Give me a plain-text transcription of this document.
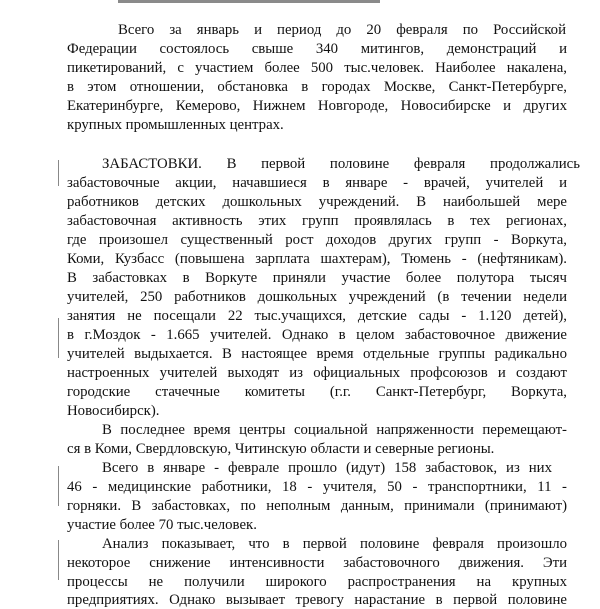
Всего за январь и период до 20 февраля по Российской
Федерации состоялось свыше 340 митингов, демонстраций и
пикетирований, с участием более 500 тыс.человек. Наиболее накалена,
в этом отношении, обстановка в городах Москве, Санкт-Петербурге,
Екатеринбурге, Кемерово, Нижнем Новгороде, Новосибирске и других
крупных промышленных центрах.
ЗАБАСТОВКИ. В первой половине февраля продолжались
забастовочные акции, начавшиеся в январе - врачей, учителей и
работников детских дошкольных учреждений. В наибольшей мере
забастовочная активность этих групп проявлялась в тех регионах,
где произошел существенный рост доходов других групп - Воркута,
Коми, Кузбасс (повышена зарплата шахтерам), Тюмень - (нефтяникам).
В забастовках в Воркуте приняли участие более полутора тысяч
учителей, 250 работников дошкольных учреждений (в течении недели
занятия не посещали 22 тыс.учащихся, детские сады - 1.120 детей),
в г.Моздок - 1.665 учителей. Однако в целом забастовочное движение
учителей выдыхается. В настоящее время отдельные группы радикально
настроенных учителей выходят из официальных профсоюзов и создают
городские стачечные комитеты (г.г. Санкт-Петербург, Воркута,
Новосибирск).
В последнее время центры социальной напряженности перемещают-
ся в Коми, Свердловскую, Читинскую области и северные регионы.
Всего в январе - феврале прошло (идут) 158 забастовок, из них
46 - медицинские работники, 18 - учителя, 50 - транспортники, 11 -
горняки. В забастовках, по неполным данным, принимали (принимают)
участие более 70 тыс.человек.
Анализ показывает, что в первой половине февраля произошло
некоторое снижение интенсивности забастовочного движения. Эти
процессы не получили широкого распространения на крупных
предприятиях. Однако вызывает тревогу нарастание в первой половине
